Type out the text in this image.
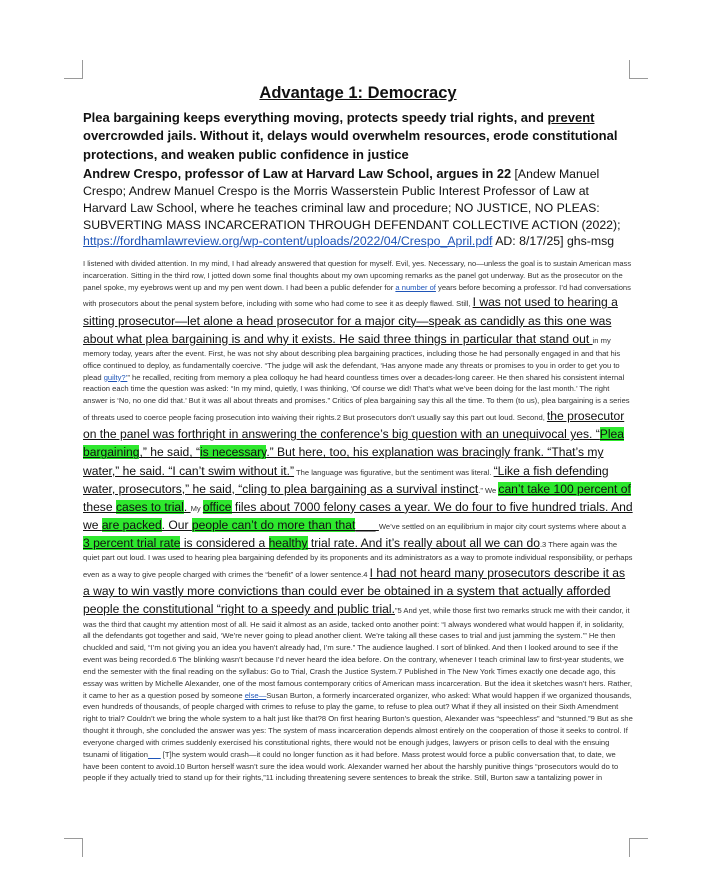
Advantage 1: Democracy
Plea bargaining keeps everything moving, protects speedy trial rights, and prevent overcrowded jails. Without it, delays would overwhelm resources, erode constitutional protections, and weaken public confidence in justice
Andrew Crespo, professor of Law at Harvard Law School, argues in 22 [Andew Manuel Crespo; Andrew Manuel Crespo is the Morris Wasserstein Public Interest Professor of Law at Harvard Law School, where he teaches criminal law and procedure; NO JUSTICE, NO PLEAS: SUBVERTING MASS INCARCERATION THROUGH DEFENDANT COLLECTIVE ACTION (2022); https://fordhamlawreview.org/wp-content/uploads/2022/04/Crespo_April.pdf AD: 8/17/25] ghs-msg
I listened with divided attention. In my mind, I had already answered that question for myself. Evil, yes. Necessary, no—unless the goal is to sustain American mass incarceration. Sitting in the third row, I jotted down some final thoughts about my own upcoming remarks as the panel got underway. But as the prosecutor on the panel spoke, my eyebrows went up and my pen went down. I had been a public defender for a number of years before becoming a professor. I’d had conversations with prosecutors about the penal system before, including with some who had come to see it as deeply flawed. Still, I was not used to hearing a sitting prosecutor—let alone a head prosecutor for a major city—speak as candidly as this one was about what plea bargaining is and why it exists. He said three things in particular that stand out in my memory today, years after the event. First, he was not shy about describing plea bargaining practices, including those he had personally engaged in and that his office continued to deploy, as fundamentally coercive. “The judge will ask the defendant, ‘Has anyone made any threats or promises to you in order to get you to plead guilty?’” he recalled, reciting from memory a plea colloquy he had heard countless times over a decades-long career. He then shared his consistent internal reaction each time the question was asked: “In my mind, quietly, I was thinking, ‘Of course we did! That’s what we’ve been doing for the last month.’ The right answer is ‘No, no one did that.’ But it was all about threats and promises.” Critics of plea bargaining say this all the time. To them (to us), plea bargaining is a series of threats used to coerce people facing prosecution into waiving their rights.2 But prosecutors don’t usually say this part out loud. Second, the prosecutor on the panel was forthright in answering the conference’s big question with an unequivocal yes. “Plea bargaining,” he said, “is necessary.” But here, too, his explanation was bracingly frank. “That’s my water,” he said. “I can’t swim without it.” The language was figurative, but the sentiment was literal. “Like a fish defending water, prosecutors,” he said, “cling to plea bargaining as a survival instinct.” We can’t take 100 percent of these cases to trial. My office files about 7000 felony cases a year. We do four to five hundred trials. And we are packed. Our people can’t do more than that___ We’ve settled on an equilibrium in major city court systems where about a 3 percent trial rate is considered a healthy trial rate. And it’s really about all we can do.3 There again was the quiet part out loud. I was used to hearing plea bargaining defended by its proponents and its administrators as a way to promote individual responsibility, or perhaps even as a way to give people charged with crimes the “benefit” of a lower sentence.4 I had not heard many prosecutors describe it as a way to win vastly more convictions than could ever be obtained in a system that actually afforded people the constitutional “right to a speedy and public trial.”5 And yet, while those first two remarks struck me with their candor, it was the third that caught my attention most of all. He said it almost as an aside, tacked onto another point: “I always wondered what would happen if, in solidarity, all the defendants got together and said, ‘We’re never going to plead another client. We’re taking all these cases to trial and just jamming the system.’” He then chuckled and said, “I’m not giving you an idea you haven’t already had, I’m sure.” The audience laughed. I sort of blinked. And then I looked around to see if the event was being recorded.6 The blinking wasn’t because I’d never heard the idea before. On the contrary, whenever I teach criminal law to first-year students, we end the semester with the final reading on the syllabus: Go to Trial, Crash the Justice System.7 Published in The New York Times exactly one decade ago, this essay was written by Michelle Alexander, one of the most famous contemporary critics of American mass incarceration. But the idea it sketches wasn’t hers. Rather, it came to her as a question posed by someone else—Susan Burton, a formerly incarcerated organizer, who asked: What would happen if we organized thousands, even hundreds of thousands, of people charged with crimes to refuse to play the game, to refuse to plea out? What if they all insisted on their Sixth Amendment right to trial? Couldn’t we bring the whole system to a halt just like that?8 On first hearing Burton’s question, Alexander was “speechless” and “stunned.”9 But as she thought it through, she concluded the answer was yes: The system of mass incarceration depends almost entirely on the cooperation of those it seeks to control. If everyone charged with crimes suddenly exercised his constitutional rights, there would not be enough judges, lawyers or prison cells to deal with the ensuing tsunami of litigation___ [T]he system would crash—it could no longer function as it had before. Mass protest would force a public conversation that, to date, we have been content to avoid.10 Burton herself wasn’t sure the idea would work. Alexander warned her about the harshly punitive things “prosecutors would do to people if they actually tried to stand up for their rights,”11 including threatening severe sentences to break the strike. Still, Burton saw a tantalizing power in
